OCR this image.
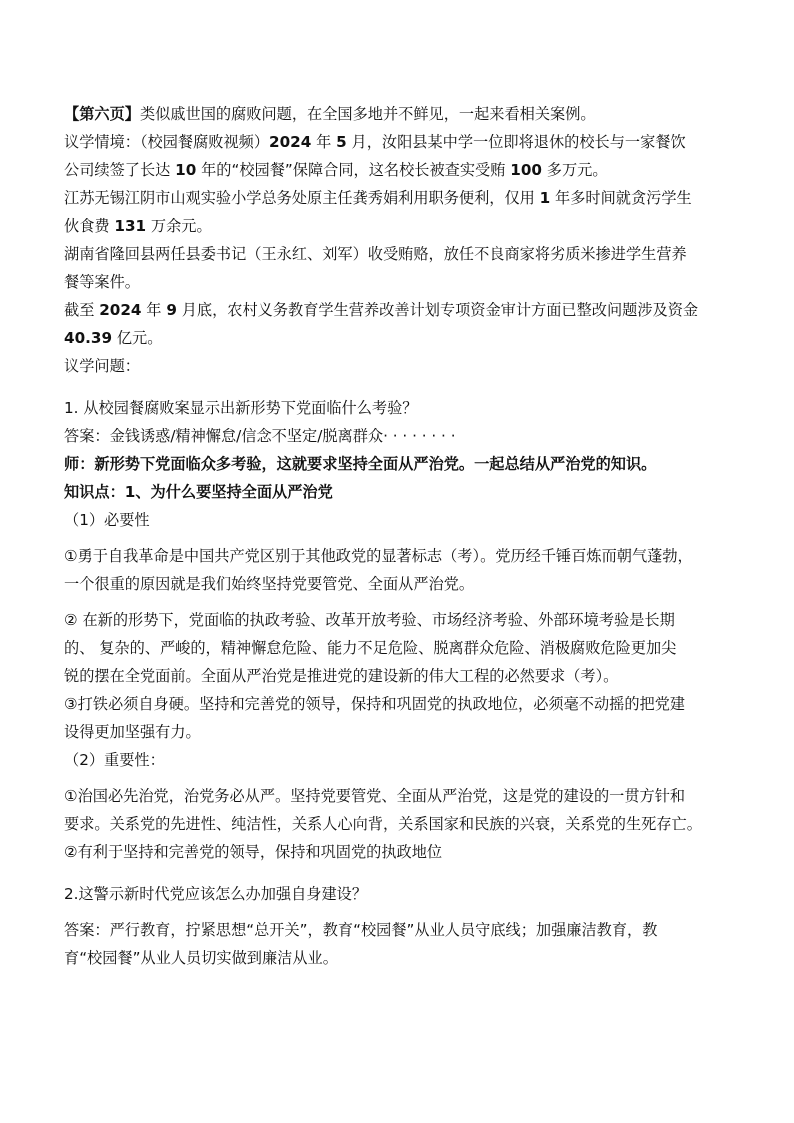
【第六页】类似戚世国的腐败问题，在全国多地并不鲜见，一起来看相关案例。

议学情境：（校园餐腐败视频）2024 年 5 月，汝阳县某中学一位即将退休的校长与一家餐饮

公司续签了长达 10 年的“校园餐”保障合同，这名校长被查实受贿 100 多万元。

江苏无锡江阴市山观实验小学总务处原主任龚秀娟利用职务便利，仅用 1 年多时间就贪污学生

伙食费 131 万余元。

湖南省隆回县两任县委书记（王永红、刘军）收受贿赂，放任不良商家将劣质米掺进学生营养

餐等案件。

截至 2024 年 9 月底，农村义务教育学生营养改善计划专项资金审计方面已整改问题涉及资金

40.39 亿元。

议学问题：

1. 从校园餐腐败案显示出新形势下党面临什么考验？

答案：金钱诱惑/精神懈怠/信念不坚定/脱离群众· · · · · · · ·

师：新形势下党面临众多考验，这就要求坚持全面从严治党。一起总结从严治党的知识。

知识点：1、为什么要坚持全面从严治党

（1）必要性

①勇于自我革命是中国共产党区别于其他政党的显著标志（考）。党历经千锤百炼而朝气蓬勃，

一个很重的原因就是我们始终坚持党要管党、全面从严治党。

② 在新的形势下，党面临的执政考验、改革开放考验、市场经济考验、外部环境考验是长期

的、 复杂的、严峻的，精神懈怠危险、能力不足危险、脱离群众危险、消极腐败危险更加尖

锐的摆在全党面前。全面从严治党是推进党的建设新的伟大工程的必然要求（考）。

③打铁必须自身硬。坚持和完善党的领导，保持和巩固党的执政地位，必须毫不动摇的把党建

设得更加坚强有力。

（2）重要性：

①治国必先治党，治党务必从严。坚持党要管党、全面从严治党，这是党的建设的一贯方针和

要求。关系党的先进性、纯洁性，关系人心向背，关系国家和民族的兴衰，关系党的生死存亡。

②有利于坚持和完善党的领导，保持和巩固党的执政地位

2.这警示新时代党应该怎么办加强自身建设？

答案：严行教育，拧紧思想“总开关”，教育“校园餐”从业人员守底线；加强廉洁教育，教

育“校园餐”从业人员切实做到廉洁从业。
